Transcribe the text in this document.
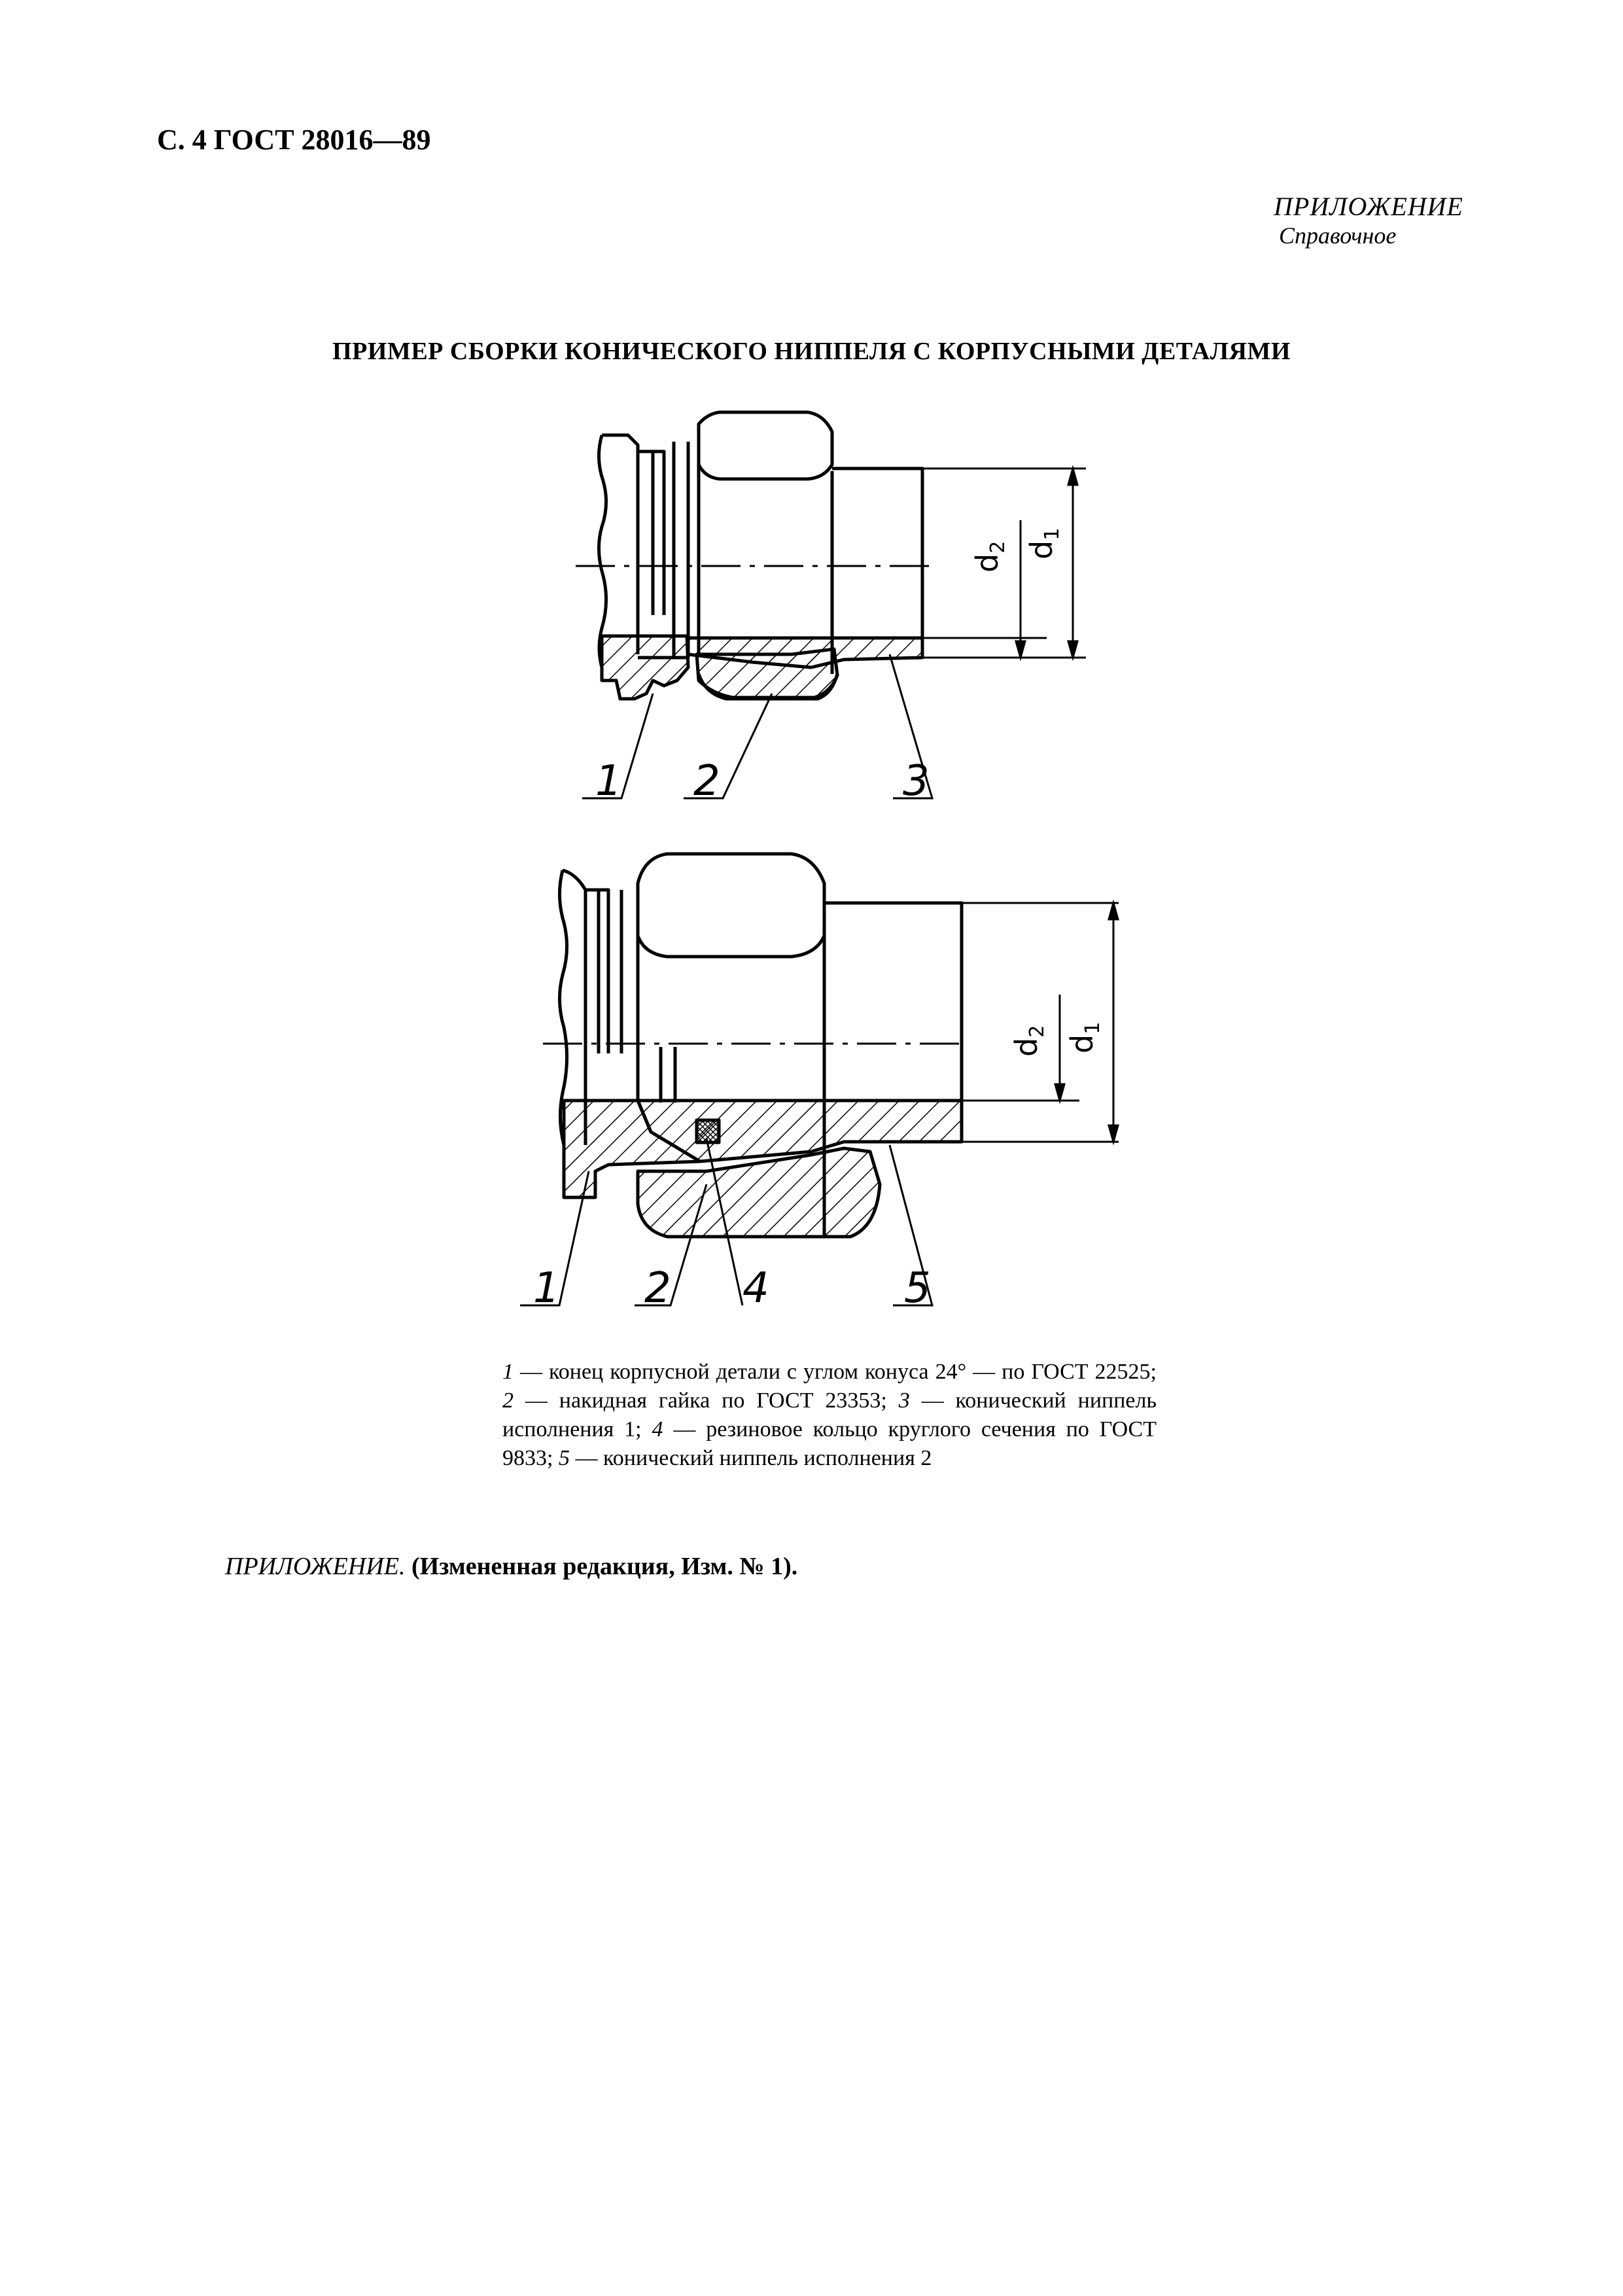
С. 4 ГОСТ 28016—89
ПРИЛОЖЕНИЕ
Справочное
ПРИМЕР СБОРКИ КОНИЧЕСКОГО НИППЕЛЯ С КОРПУСНЫМИ ДЕТАЛЯМИ
$d_2$ $d_1$
1 2	3
$d_2$
$d_1$
1 2 4	5
1 — конец корпусной детали с углом конуса 24° — по ГОСТ 22525; 2 — накидная гайка по ГОСТ 23353; 3 — конический ниппель исполнения 1; 4 — резиновое кольцо круглого сечения по ГОСТ 9833; 5 — конический ниппель исполнения 2
ПРИЛОЖЕНИЕ. (Измененная редакция, Изм. № 1).
